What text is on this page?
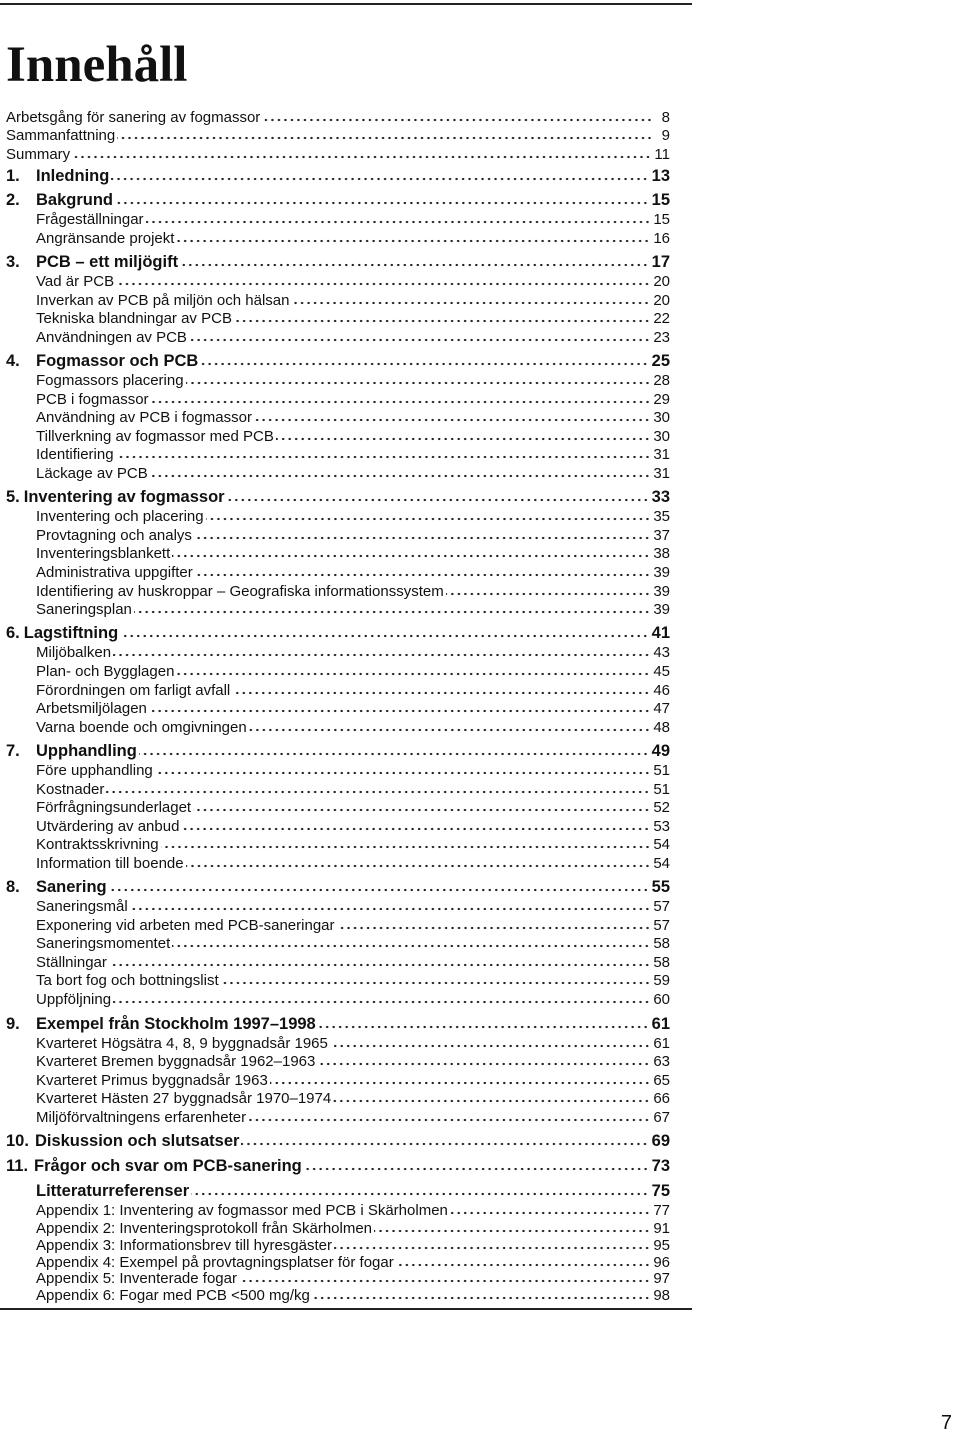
Innehåll
Arbetsgång för sanering av fogmassor	8
Sammanfattning	9
Summary	11
1. Inledning	13
2. Bakgrund	15
Frågeställningar	15
Angränsande projekt	16
3. PCB – ett miljögift	17
Vad är PCB	20
Inverkan av PCB på miljön och hälsan	20
Tekniska blandningar av PCB	22
Användningen av PCB	23
4. Fogmassor och PCB	25
Fogmassors placering	28
PCB i fogmassor	29
Användning av PCB i fogmassor	30
Tillverkning av fogmassor med PCB	30
Identifiering	31
Läckage av PCB	31
5. Inventering av fogmassor	33
Inventering och placering	35
Provtagning och analys	37
Inventeringsblankett	38
Administrativa uppgifter	39
Identifiering av huskroppar – Geografiska informationssystem	39
Saneringsplan	39
6. Lagstiftning	41
Miljöbalken	43
Plan- och Bygglagen	45
Förordningen om farligt avfall	46
Arbetsmiljölagen	47
Varna boende och omgivningen	48
7. Upphandling	49
Före upphandling	51
Kostnader	51
Förfrågningsunderlaget	52
Utvärdering av anbud	53
Kontraktsskrivning	54
Information till boende	54
8. Sanering	55
Saneringsmål	57
Exponering vid arbeten med PCB-saneringar	57
Saneringsmomentet	58
Ställningar	58
Ta bort fog och bottningslist	59
Uppföljning	60
9. Exempel från Stockholm 1997–1998	61
Kvarteret Högsätra 4, 8, 9 byggnadsår 1965	61
Kvarteret Bremen byggnadsår 1962–1963	63
Kvarteret Primus byggnadsår 1963	65
Kvarteret Hästen 27 byggnadsår 1970–1974	66
Miljöförvaltningens erfarenheter	67
10. Diskussion och slutsatser	69
11. Frågor och svar om PCB-sanering	73
Litteraturreferenser	75
Appendix 1: Inventering av fogmassor med PCB i Skärholmen	77
Appendix 2: Inventeringsprotokoll från Skärholmen	91
Appendix 3: Informationsbrev till hyresgäster	95
Appendix 4: Exempel på provtagningsplatser för fogar	96
Appendix 5: Inventerade fogar	97
Appendix 6: Fogar med PCB <500 mg/kg	98
7
